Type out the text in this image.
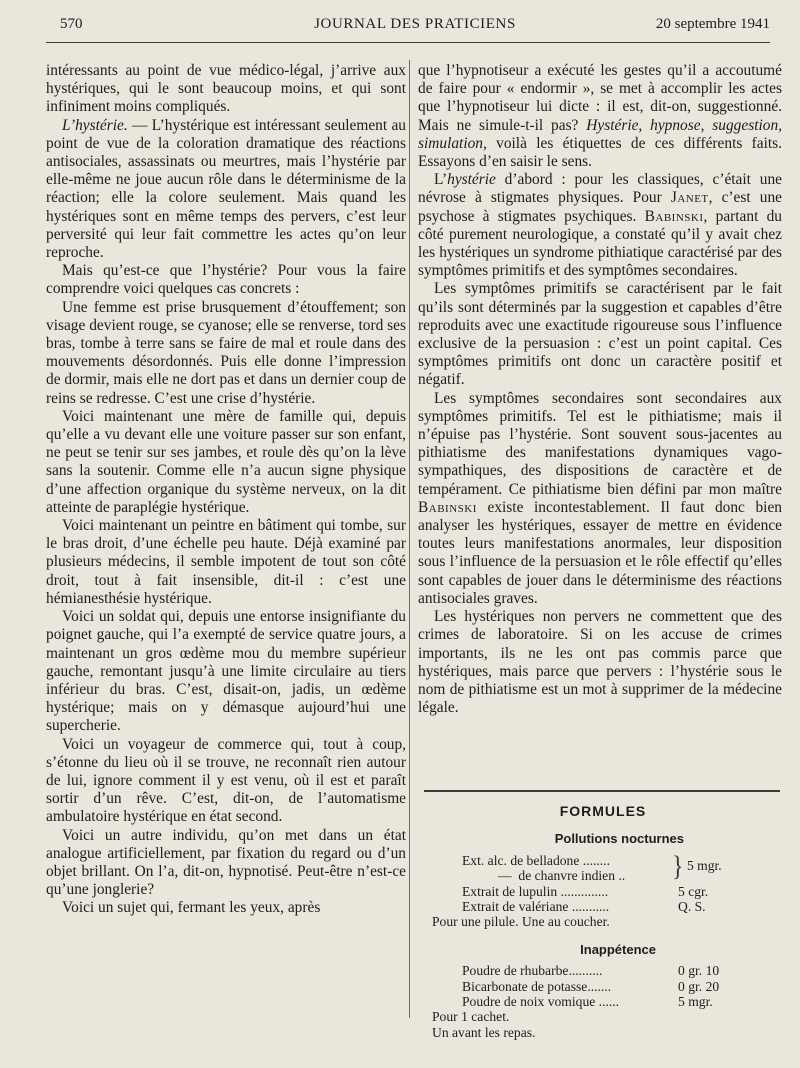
570	JOURNAL DES PRATICIENS	20 septembre 1941

intéressants au point de vue médico-légal, j’arrive aux hystériques, qui le sont beaucoup moins, et qui sont infiniment moins compliqués.

L’hystérie. — L’hystérique est intéressant seulement au point de vue de la coloration dramatique des réactions antisociales, assassinats ou meurtres, mais l’hystérie par elle-même ne joue aucun rôle dans le déterminisme de la réaction; elle la colore seulement. Mais quand les hystériques sont en même temps des pervers, c’est leur perversité qui leur fait commettre les actes qu’on leur reproche.

Mais qu’est-ce que l’hystérie? Pour vous la faire comprendre voici quelques cas concrets :

Une femme est prise brusquement d’étouffement; son visage devient rouge, se cyanose; elle se renverse, tord ses bras, tombe à terre sans se faire de mal et roule dans des mouvements désordonnés. Puis elle donne l’impression de dormir, mais elle ne dort pas et dans un dernier coup de reins se redresse. C’est une crise d’hystérie.

Voici maintenant une mère de famille qui, depuis qu’elle a vu devant elle une voiture passer sur son enfant, ne peut se tenir sur ses jambes, et roule dès qu’on la lève sans la soutenir. Comme elle n’a aucun signe physique d’une affection organique du système nerveux, on la dit atteinte de paraplégie hystérique.

Voici maintenant un peintre en bâtiment qui tombe, sur le bras droit, d’une échelle peu haute. Déjà examiné par plusieurs médecins, il semble impotent de tout son côté droit, tout à fait insensible, dit-il : c’est une hémianesthésie hystérique.

Voici un soldat qui, depuis une entorse insignifiante du poignet gauche, qui l’a exempté de service quatre jours, a maintenant un gros œdème mou du membre supérieur gauche, remontant jusqu’à une limite circulaire au tiers inférieur du bras. C’est, disait-on, jadis, un œdème hystérique; mais on y démasque aujourd’hui une supercherie.

Voici un voyageur de commerce qui, tout à coup, s’étonne du lieu où il se trouve, ne reconnaît rien autour de lui, ignore comment il y est venu, où il est et paraît sortir d’un rêve. C’est, dit-on, de l’automatisme ambulatoire hystérique en état second.

Voici un autre individu, qu’on met dans un état analogue artificiellement, par fixation du regard ou d’un objet brillant. On l’a, dit-on, hypnotisé. Peut-être n’est-ce qu’une jonglerie?

Voici un sujet qui, fermant les yeux, après

que l’hypnotiseur a exécuté les gestes qu’il a accoutumé de faire pour « endormir », se met à accomplir les actes que l’hypnotiseur lui dicte : il est, dit-on, suggestionné. Mais ne simule-t-il pas? Hystérie, hypnose, suggestion, simulation, voilà les étiquettes de ces différents faits. Essayons d’en saisir le sens.

L’hystérie d’abord : pour les classiques, c’était une névrose à stigmates physiques. Pour Janet, c’est une psychose à stigmates psychiques. Babinski, partant du côté purement neurologique, a constaté qu’il y avait chez les hystériques un syndrome pithiatique caractérisé par des symptômes primitifs et des symptômes secondaires.

Les symptômes primitifs se caractérisent par le fait qu’ils sont déterminés par la suggestion et capables d’être reproduits avec une exactitude rigoureuse sous l’influence exclusive de la persuasion : c’est un point capital. Ces symptômes primitifs ont donc un caractère positif et négatif.

Les symptômes secondaires sont secondaires aux symptômes primitifs. Tel est le pithiatisme; mais il n’épuise pas l’hystérie. Sont souvent sous-jacentes au pithiatisme des manifestations dynamiques vago-sympathiques, des dispositions de caractère et de tempérament. Ce pithiatisme bien défini par mon maître Babinski existe incontestablement. Il faut donc bien analyser les hystériques, essayer de mettre en évidence toutes leurs manifestations anormales, leur disposition sous l’influence de la persuasion et le rôle effectif qu’elles sont capables de jouer dans le déterminisme des réactions antisociales graves.

Les hystériques non pervers ne commettent que des crimes de laboratoire. Si on les accuse de crimes importants, ils ne les ont pas commis parce que hystériques, mais parce que pervers : l’hystérie sous le nom de pithiatisme est un mot à supprimer de la médecine légale.

FORMULES
Pollutions nocturnes
Ext. alc. de belladone ........
— de chanvre indien ..	} 5 mgr.
Extrait de lupulin ..............	5 cgr.
Extrait de valériane ...........	Q. S.
Pour une pilule. Une au coucher.
Inappétence
Poudre de rhubarbe..........	0 gr. 10
Bicarbonate de potasse.......	0 gr. 20
Poudre de noix vomique ......	5 mgr.
Pour 1 cachet.
Un avant les repas.
